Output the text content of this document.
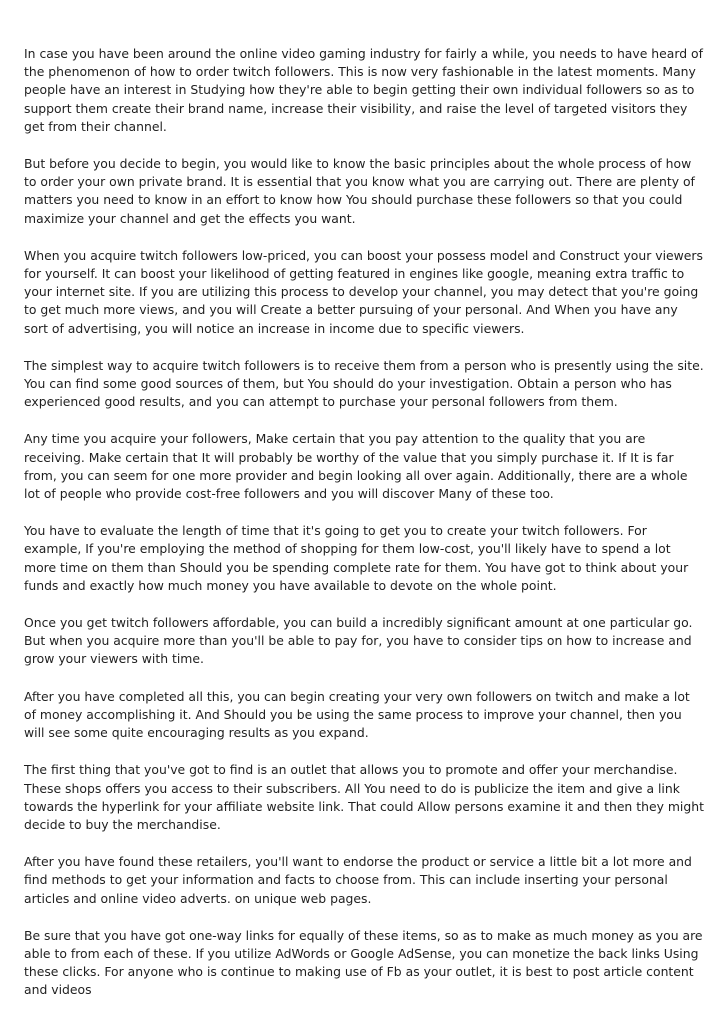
In case you have been around the online video gaming industry for fairly a while, you needs to have heard of the phenomenon of how to order twitch followers. This is now very fashionable in the latest moments. Many people have an interest in Studying how they're able to begin getting their own individual followers so as to support them create their brand name, increase their visibility, and raise the level of targeted visitors they get from their channel.

But before you decide to begin, you would like to know the basic principles about the whole process of how to order your own private brand. It is essential that you know what you are carrying out. There are plenty of matters you need to know in an effort to know how You should purchase these followers so that you could maximize your channel and get the effects you want.

When you acquire twitch followers low-priced, you can boost your possess model and Construct your viewers for yourself. It can boost your likelihood of getting featured in engines like google, meaning extra traffic to your internet site. If you are utilizing this process to develop your channel, you may detect that you're going to get much more views, and you will Create a better pursuing of your personal. And When you have any sort of advertising, you will notice an increase in income due to specific viewers.

The simplest way to acquire twitch followers is to receive them from a person who is presently using the site. You can find some good sources of them, but You should do your investigation. Obtain a person who has experienced good results, and you can attempt to purchase your personal followers from them.

Any time you acquire your followers, Make certain that you pay attention to the quality that you are receiving. Make certain that It will probably be worthy of the value that you simply purchase it. If It is far from, you can seem for one more provider and begin looking all over again. Additionally, there are a whole lot of people who provide cost-free followers and you will discover Many of these too.

You have to evaluate the length of time that it's going to get you to create your twitch followers. For example, If you're employing the method of shopping for them low-cost, you'll likely have to spend a lot more time on them than Should you be spending complete rate for them. You have got to think about your funds and exactly how much money you have available to devote on the whole point.

Once you get twitch followers affordable, you can build a incredibly significant amount at one particular go. But when you acquire more than you'll be able to pay for, you have to consider tips on how to increase and grow your viewers with time.

After you have completed all this, you can begin creating your very own followers on twitch and make a lot of money accomplishing it. And Should you be using the same process to improve your channel, then you will see some quite encouraging results as you expand.

The first thing that you've got to find is an outlet that allows you to promote and offer your merchandise. These shops offers you access to their subscribers. All You need to do is publicize the item and give a link towards the hyperlink for your affiliate website link. That could Allow persons examine it and then they might decide to buy the merchandise.

After you have found these retailers, you'll want to endorse the product or service a little bit a lot more and find methods to get your information and facts to choose from. This can include inserting your personal articles and online video adverts. on unique web pages.

Be sure that you have got one-way links for equally of these items, so as to make as much money as you are able to from each of these. If you utilize AdWords or Google AdSense, you can monetize the back links Using these clicks. For anyone who is continue to making use of Fb as your outlet, it is best to post article content and videos
